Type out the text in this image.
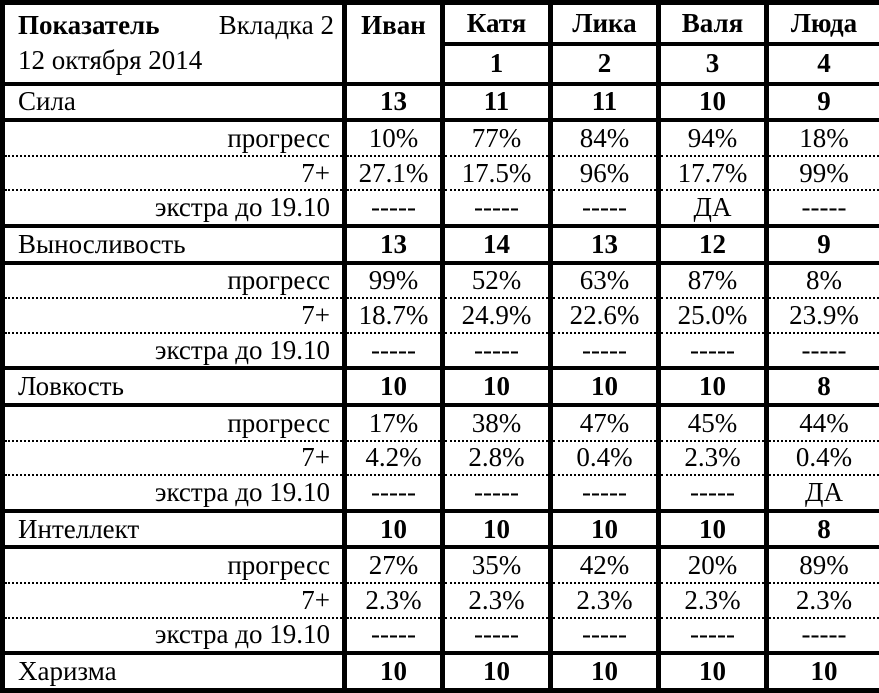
Показатель Вкладка 2
12 октября 2014	Иван	Катя	Лика	Валя	Люда
		1	2	3	4
Сила	13	11	11	10	9
прогресс	10%	77%	84%	94%	18%
7+	27.1%	17.5%	96%	17.7%	99%
экстра до 19.10	-----	-----	-----	ДА	-----
Выносливость	13	14	13	12	9
прогресс	99%	52%	63%	87%	8%
7+	18.7%	24.9%	22.6%	25.0%	23.9%
экстра до 19.10	-----	-----	-----	-----	-----
Ловкость	10	10	10	10	8
прогресс	17%	38%	47%	45%	44%
7+	4.2%	2.8%	0.4%	2.3%	0.4%
экстра до 19.10	-----	-----	-----	-----	ДА
Интеллект	10	10	10	10	8
прогресс	27%	35%	42%	20%	89%
7+	2.3%	2.3%	2.3%	2.3%	2.3%
экстра до 19.10	-----	-----	-----	-----	-----
Харизма	10	10	10	10	10
